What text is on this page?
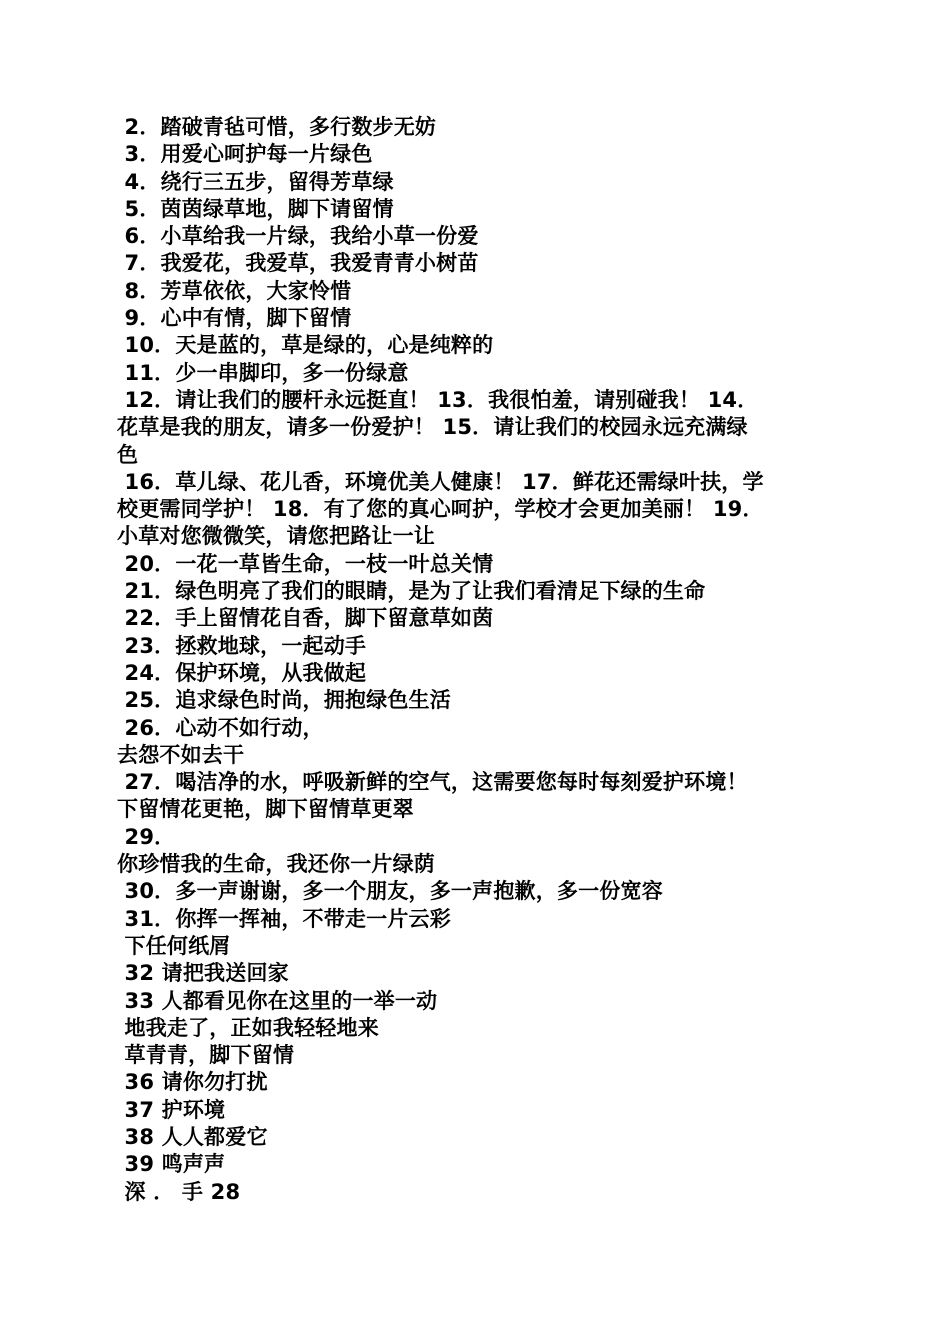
2．踏破青毡可惜，多行数步无妨
3．用爱心呵护每一片绿色
4．绕行三五步，留得芳草绿
5．茵茵绿草地，脚下请留情
6．小草给我一片绿，我给小草一份爱
7．我爱花，我爱草，我爱青青小树苗
8．芳草依依，大家怜惜
9．心中有情，脚下留情
10．天是蓝的，草是绿的，心是纯粹的
11．少一串脚印，多一份绿意
12．请让我们的腰杆永远挺直！ 13．我很怕羞，请别碰我！ 14．
花草是我的朋友，请多一份爱护！ 15．请让我们的校园永远充满绿
色
16．草儿绿、花儿香，环境优美人健康！ 17．鲜花还需绿叶扶，学
校更需同学护！ 18．有了您的真心呵护，学校才会更加美丽！ 19．
小草对您微微笑，请您把路让一让
20．一花一草皆生命，一枝一叶总关情
21．绿色明亮了我们的眼睛，是为了让我们看清足下绿的生命
22．手上留情花自香，脚下留意草如茵
23．拯救地球，一起动手
24．保护环境，从我做起
25．追求绿色时尚，拥抱绿色生活
26．心动不如行动，
去怨不如去干
27．喝洁净的水，呼吸新鲜的空气，这需要您每时每刻爱护环境！
下留情花更艳，脚下留情草更翠
29．
你珍惜我的生命，我还你一片绿荫
30．多一声谢谢，多一个朋友，多一声抱歉，多一份宽容
31．你挥一挥袖，不带走一片云彩
下任何纸屑
32 请把我送回家
33 人都看见你在这里的一举一动
地我走了，正如我轻轻地来
草青青，脚下留情
36 请你勿打扰
37 护环境
38 人人都爱它
39 鸣声声
深 ． 手 28
